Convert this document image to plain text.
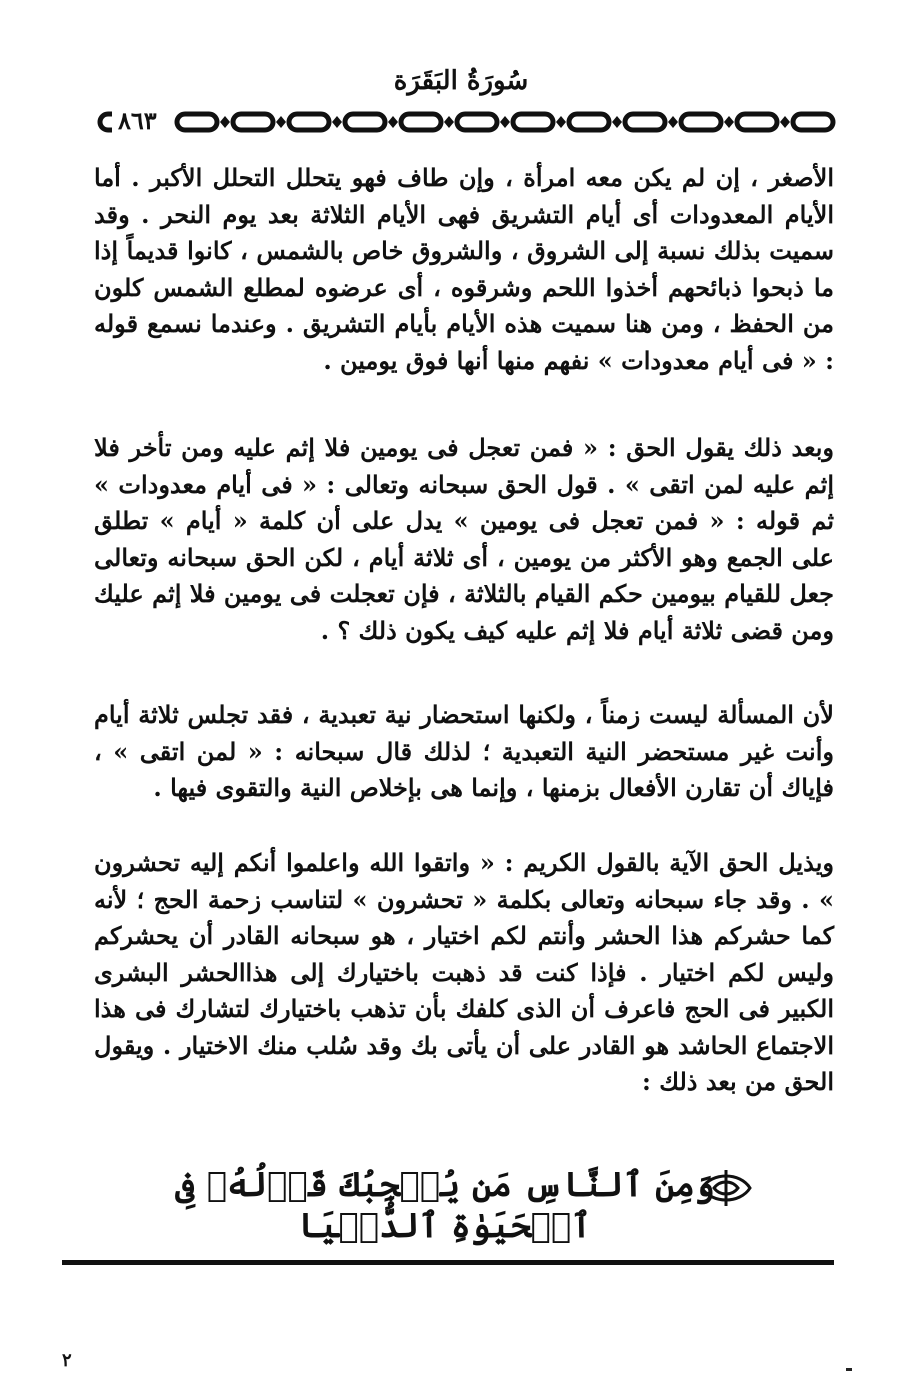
سُورَةُ البَقَرَة
٨٦٣

الأصغر ، إن لم يكن معه امرأة ، وإن طاف فهو يتحلل التحلل الأكبر . أما الأيام المعدودات أى أيام التشريق فهى الأيام الثلاثة بعد يوم النحر . وقد سميت بذلك نسبة إلى الشروق ، والشروق خاص بالشمس ، كانوا قديماً إذا ما ذبحوا ذبائحهم أخذوا اللحم وشرقوه ، أى عرضوه لمطلع الشمس كلون من الحفظ ، ومن هنا سميت هذه الأيام بأيام التشريق . وعندما نسمع قوله : « فى أيام معدودات » نفهم منها أنها فوق يومين .

وبعد ذلك يقول الحق : « فمن تعجل فى يومين فلا إثم عليه ومن تأخر فلا إثم عليه لمن اتقى » . قول الحق سبحانه وتعالى : « فى أيام معدودات » ثم قوله : « فمن تعجل فى يومين » يدل على أن كلمة « أيام » تطلق على الجمع وهو الأكثر من يومين ، أى ثلاثة أيام ، لكن الحق سبحانه وتعالى جعل للقيام بيومين حكم القيام بالثلاثة ، فإن تعجلت فى يومين فلا إثم عليك ومن قضى ثلاثة أيام فلا إثم عليه كيف يكون ذلك ؟ .

لأن المسألة ليست زمناً ، ولكنها استحضار نية تعبدية ، فقد تجلس ثلاثة أيام وأنت غير مستحضر النية التعبدية ؛ لذلك قال سبحانه : « لمن اتقى » ، فإياك أن تقارن الأفعال بزمنها ، وإنما هى بإخلاص النية والتقوى فيها .

ويذيل الحق الآية بالقول الكريم : « واتقوا الله واعلموا أنكم إليه تحشرون » . وقد جاء سبحانه وتعالى بكلمة « تحشرون » لتناسب زحمة الحج ؛ لأنه كما حشركم هذا الحشر وأنتم لكم اختيار ، هو سبحانه القادر أن يحشركم وليس لكم اختيار . فإذا كنت قد ذهبت باختيارك إلى هذاالحشر البشرى الكبير فى الحج فاعرف أن الذى كلفك بأن تذهب باختيارك لتشارك فى هذا الاجتماع الحاشد هو القادر على أن يأتى بك وقد سُلب منك الاختيار . ويقول الحق من بعد ذلك :

وَمِنَ ٱلنَّاسِ مَن يُعۡجِبُكَ قَوۡلُهُۥ فِى ٱلۡحَيَوٰةِ ٱلدُّنۡيَا
٢
